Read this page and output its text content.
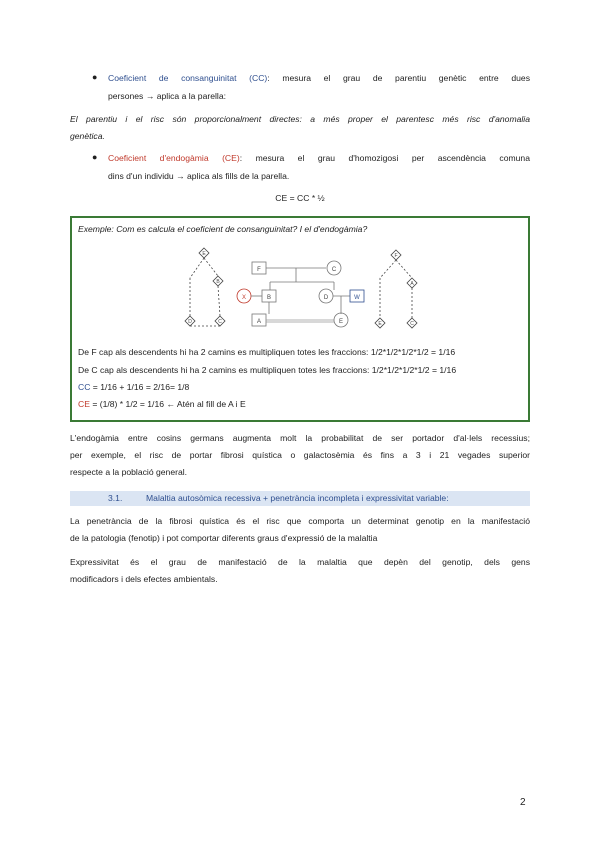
● Coeficient de consanguinitat (CC): mesura el grau de parentiu genètic entre dues
persones → aplica a la parella:
El parentiu i el risc són proporcionalment directes: a més proper el parentesc més risc d'anomalia
genètica.
● Coeficient d'endogàmia (CE): mesura el grau d'homozigosi per ascendència comuna
dins d'un individu → aplica als fills de la parella.
CE = CC * ½
Exemple: Com es calcula el coeficient de consanguinitat? I el d'endogàmia?
F	C
X	B	D	W
A	E
E
B
D	C
F
A
E	C
De F cap als descendents hi ha 2 camins es multipliquen totes les fraccions: 1/2*1/2*1/2*1/2 = 1/16
De C cap als descendents hi ha 2 camins es multipliquen totes les fraccions: 1/2*1/2*1/2*1/2 = 1/16
CC = 1/16 + 1/16 = 2/16= 1/8
CE = (1/8) * 1/2 = 1/16 ← Atén al fill de A i E
L'endogàmia entre cosins germans augmenta molt la probabilitat de ser portador d'al·lels recessius;
per exemple, el risc de portar fibrosi quística o galactosèmia és fins a 3 i 21 vegades superior
respecte a la població general.
3.1.	Malaltia autosòmica recessiva + penetrància incompleta i expressivitat variable:
La penetrància de la fibrosi quística és el risc que comporta un determinat genotip en la manifestació
de la patologia (fenotip) i pot comportar diferents graus d'expressió de la malaltia
Expressivitat és el grau de manifestació de la malaltia que depèn del genotip, dels gens
modificadors i dels efectes ambientals.
2
